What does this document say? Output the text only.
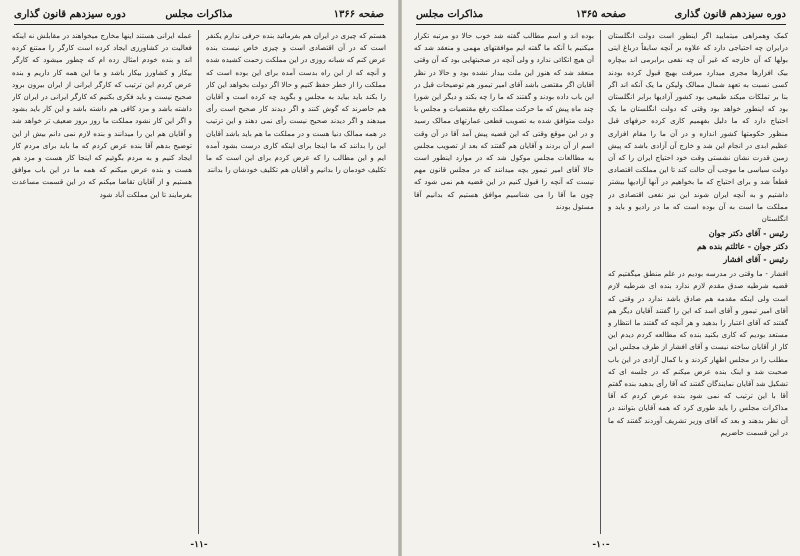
صفحه ۱۳۶۶
مذاکرات مجلس
دوره سیزدهم قانون گذاری

هستم که چیزی در ایران هم بفرمائید بنده حرفی ندارم یکنفر است که در آن اقتصادی است و چیزی خاص نیست بنده عرض کنم که شبانه روزی در این مملکت زحمت کشیده شده و آنچه که از این راه بدست آمده برای این بوده است که مملکت را از خطر حفظ کنیم و حالا اگر دولت بخواهد این کار را بکند باید بیاید به مجلس و بگوید چه کرده است و آقایان هم حاضرند که گوش کنند و اگر دیدند کار صحیح است رأی میدهند و اگر دیدند صحیح نیست رأی نمی دهند و این ترتیب در همه ممالک دنیا هست و در مملکت ما هم باید باشد آقایان این را بدانند که ما اینجا برای اینکه کاری درست بشود آمده ایم و این مطالب را که عرض کردم برای این است که ما تکلیف خودمان را بدانیم و آقایان هم تکلیف خودشان را بدانند

عمله ایرانی هستند اینها مخارج میخواهند در مقابلش نه اینکه فعالیت در کشاورزی ایجاد کرده است کارگر را ممتنع کرده اند و بنده خودم امثال زده ام که چطور میشود که کارگر بیکار و کشاورز بیکار باشد و ما این همه کار داریم و بنده عرض کردم این ترتیب که کارگر ایرانی از ایران بیرون برود صحیح نیست و باید فکری بکنیم که کارگر ایرانی در ایران کار داشته باشد و مزد کافی هم داشته باشد و این کار باید بشود و اگر این کار نشود مملکت ما روز بروز ضعیف تر خواهد شد و آقایان هم این را میدانند و بنده لازم نمی دانم بیش از این توضیح بدهم آقا بنده عرض کردم که ما باید برای مردم کار ایجاد کنیم و به مردم بگوئیم که اینجا کار هست و مزد هم هست و بنده عرض میکنم که همه ما در این باب موافق هستیم و از آقایان تقاضا میکنم که در این قسمت مساعدت بفرمایند تا این مملکت آباد شود

-۱۱-
دوره سیزدهم قانون گذاری
صفحه ۱۳۶۵
مذاکرات مجلس

کمک وهمراهی میتمایید اگر اینطور است دولت انگلستان درایران چه احتیاجی دارد که علاوه بر آنچه سابقاً درباغ ایتی بولها که آن خارجه که غیر آن چه نفعی برابرمی اند بیچاره بیک افزارها مجری میدارد میرفت بهیچ قبول کرده بودند کسی نسبت به تعهد شمال ممالک ولیکن ما یک آنکه اند اگر بنا بر تملکات میکند طبیعی بود کشور آزادیها برابر انگلستان بود که اینطور خواهد بود وقتی که دولت انگلستان ما یک احتیاج دارد که ما دلیل بفهمیم کاری کرده حرفهای قبل منظور حکومتها کشور اندازه و در آن ما را مقام افزاری عظیم ابدی در انجام این شد و خارج آن آزادی باشد که پیش زمین قدرت نشان نشستی وقت خود احتیاج ایران را که آن دولت سیاسی ما موجب آن حالت کند تا این مملکت اقتصادی قطعاً شد و برای احتیاج که ما بخواهیم در آنها آزادیها بیشتر داشتیم و به آنچه ایران شوند این نیز نفعی اقتصادی در مملکت ما است به آن بوده است که ما در رادیو و باید و انگلستان

رئیس - آقای دکتر جوان
دکتر جوان - عائلتم بنده هم
رئیس - آقای افشار

افشار - ما وقتی در مدرسه بودیم در علم منطق میگفتیم که قضیه شرطیه صدق مقدم لازم ندارد بنده ای شرطیه لازم است ولی اینکه مقدمه هم صادق باشد ندارد در وقتی که آقای امیر تیمور و آقای اسد که این را گفتند آقایان دیگر هم گفتند که آقای اعتبار را بدهید و هر آنچه که گفتند ما انتظار و مستعد بودیم که کاری بکنید بنده که مطالعه کردم دیدم این کار از آقایان ساخته نیست و آقای افشار از طرف مجلس این مطلب را در مجلس اظهار کردند و با کمال آزادی در این باب صحبت شد و اینک بنده عرض میکنم که در جلسه ای که تشکیل شد آقایان نمایندگان گفتند که آقا رأی بدهید بنده گفتم آقا با این ترتیب که نمی شود بنده عرض کردم که آقا مذاکرات مجلس را باید طوری کرد که همه آقایان بتوانند در آن نظر بدهند و بعد که آقای وزیر تشریف آوردند گفتند که ما در این قسمت حاضریم

بوده اند و اسم مطالب گفته شد خوب حالا دو مرتبه تکرار میکنیم با آنکه ما گفته ایم موافقتهای مهمی و منعقد شد که آن هیچ اتکائی ندارد و ولی آنچه در صحبتهایی بود که آن وقتی منعقد شد که هنوز این ملت بیدار نشده بود و حالا در نظر آقایان اگر مقتضی باشد آقای امیر تیمور هم توضیحات قبل در این باب داده بودند و گفتند که ما را چه بکند و دیگر این شورا چند ماه پیش که ما حرکت مملکت رفع مقتضیات و مجلس با دولت متوافق شده به تصویب قطعی عمارتهای ممالک رسید و در این موقع وقتی که این قضیه پیش آمد آقا در آن وقت اسم از آن بردند و آقایان هم گفتند که بعد از تصویب مجلس به مطالعات مجلس موکول شد که در موارد اینطور است حالا آقای امیر تیمور بچه میدانند که در مجلس قانون مهم نیست که آنچه را قبول کنیم در این قضیه هم نمی شود که چون ما آقا را می شناسیم موافق هستیم که بدانیم آقا مسئول بودند

-۱۰-
